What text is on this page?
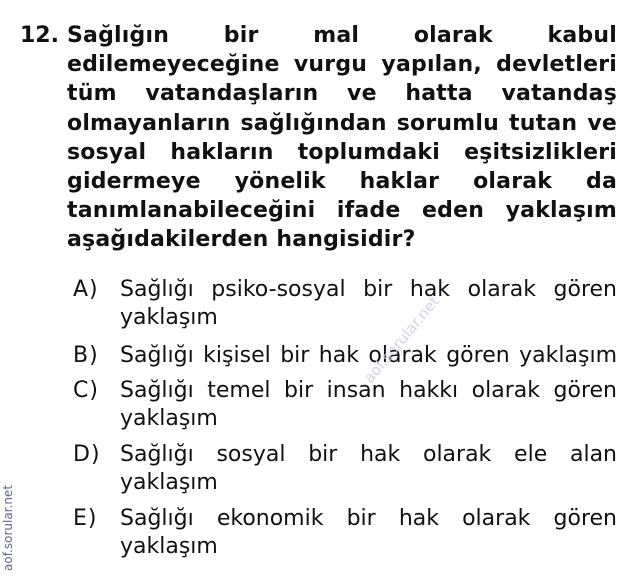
12. Sağlığın bir mal olarak kabul edilemeyeceğine vurgu yapılan, devletleri tüm vatandaşların ve hatta vatandaş olmayanların sağlığından sorumlu tutan ve sosyal hakların toplumdaki eşitsizlikleri gidermeye yönelik haklar olarak da tanımlanabileceğini ifade eden yaklaşım aşağıdakilerden hangisidir?
A) Sağlığı psiko-sosyal bir hak olarak gören yaklaşım
B) Sağlığı kişisel bir hak olarak gören yaklaşım
C) Sağlığı temel bir insan hakkı olarak gören yaklaşım
D) Sağlığı sosyal bir hak olarak ele alan yaklaşım
E) Sağlığı ekonomik bir hak olarak gören yaklaşım
aof.sorular.net
aof.sorular.net
